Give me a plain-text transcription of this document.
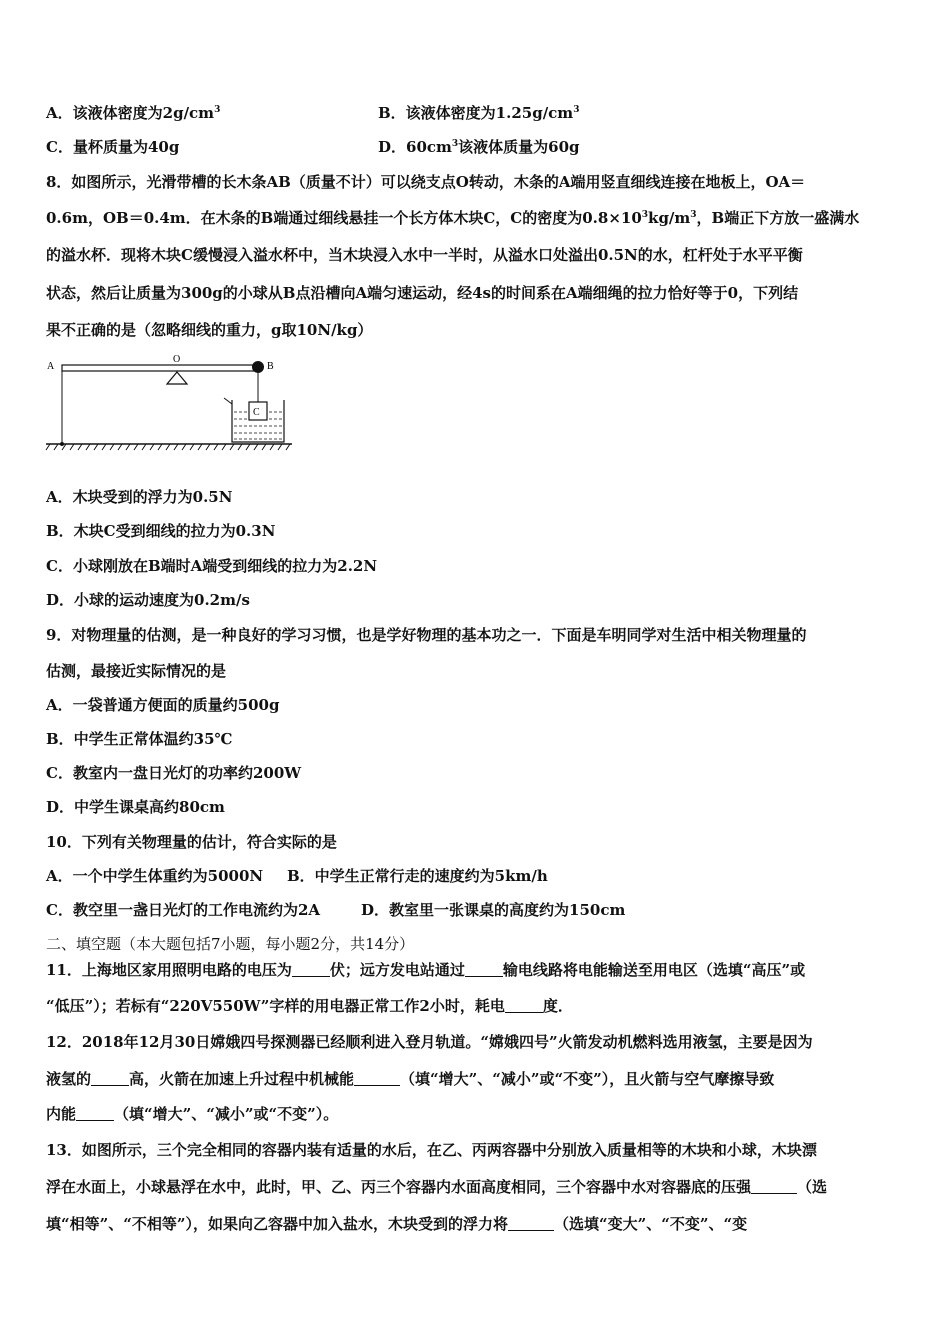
A．该液体密度为$2g/cm^3$	B．该液体密度为$1.25g/cm^3$
C．量杯质量为40g	D．$60cm^3$该液体质量为60g
8．如图所示，光滑带槽的长木条AB（质量不计）可以绕支点O转动，木条的A端用竖直细线连接在地板上，OA＝
0.6m，OB＝0.4m．在木条的B端通过细线悬挂一个长方体木块C，C的密度为$0.8\times 10^3kg/m^3$，B端正下方放一盛满水
的溢水杯．现将木块C缓慢浸入溢水杯中，当木块浸入水中一半时，从溢水口处溢出0.5N的水，杠杆处于水平平衡
状态，然后让质量为300g的小球从B点沿槽向A端匀速运动，经4s的时间系在A端细绳的拉力恰好等于0，下列结
果不正确的是（忽略细线的重力，g取10N/kg）
A
O
B
C
A．木块受到的浮力为0.5N
B．木块C受到细线的拉力为0.3N
C．小球刚放在B端时A端受到细线的拉力为2.2N
D．小球的运动速度为0.2m/s
9．对物理量的估测，是一种良好的学习习惯，也是学好物理的基本功之一．下面是车明同学对生活中相关物理量的
估测，最接近实际情况的是
A．一袋普通方便面的质量约500g
B．中学生正常体温约35℃
C．教室内一盘日光灯的功率约200W
D．中学生课桌高约80cm
10．下列有关物理量的估计，符合实际的是
A．一个中学生体重约为5000N B．中学生正常行走的速度约为5km/h
C．教空里一盏日光灯的工作电流约为2A	D．教室里一张课桌的高度约为150cm
二、填空题（本大题包括7小题，每小题2分，共14分）
11．上海地区家用照明电路的电压为	伏；远方发电站通过	输电线路将电能输送至用电区（选填“高压”或
“低压”）；若标有“220V550W”字样的用电器正常工作2小时，耗电	度．
12．2018年12月30日嫦娥四号探测器已经顺利进入登月轨道。“嫦娥四号”火箭发动机燃料选用液氢，主要是因为
液氢的	高，火箭在加速上升过程中机械能	（填“增大”、“减小”或“不变”），且火箭与空气摩擦导致
内能	（填“增大”、“减小”或“不变”）。
13．如图所示，三个完全相同的容器内装有适量的水后，在乙、丙两容器中分别放入质量相等的木块和小球，木块漂
浮在水面上，小球悬浮在水中，此时，甲、乙、丙三个容器内水面高度相同，三个容器中水对容器底的压强	（选
填“相等”、“不相等”），如果向乙容器中加入盐水，木块受到的浮力将	（选填“变大”、“不变”、“变
